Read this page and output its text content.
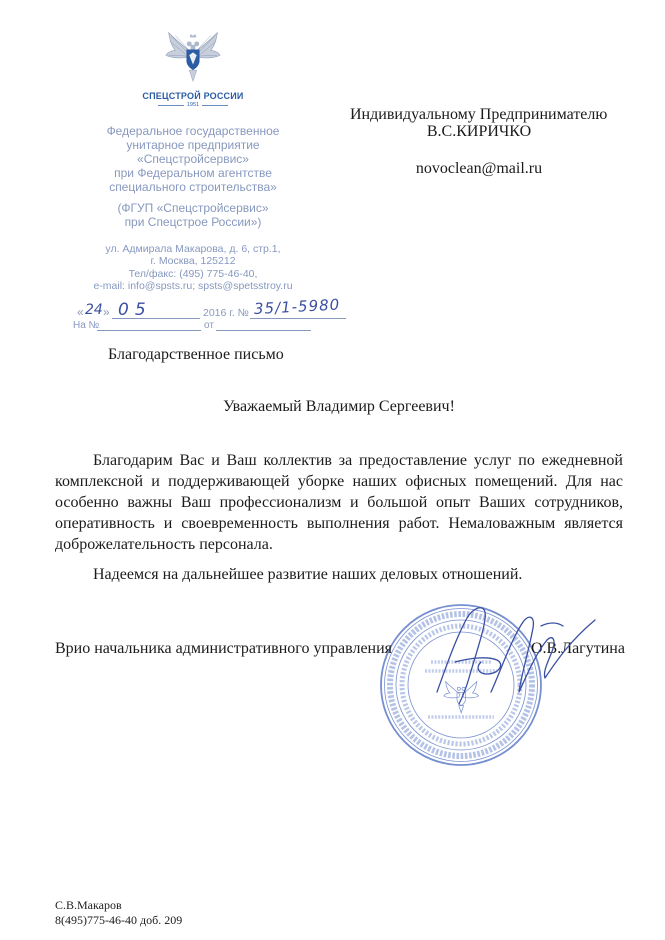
СПЕЦСТРОЙ РОССИИ
1951
Федеральное государственное
унитарное предприятие
«Спецстройсервис»
при Федеральном агентстве
специального строительства»
(ФГУП «Спецстройсервис»
при Спецстрое России»)
ул. Адмирала Макарова, д. 6, стр.1,
г. Москва, 125212
Тел/факс: (495) 775-46-40,
e-mail: info@spsts.ru; spsts@spetsstroy.ru
« 24 » 05	2016 г. № 35/1-5980
На №	от
Индивидуальному Предпринимателю
В.С.КИРИЧКО
novoclean@mail.ru
Благодарственное письмо
Уважаемый Владимир Сергеевич!
Благодарим Вас и Ваш коллектив за предоставление услуг по ежедневной
комплексной и поддерживающей уборке наших офисных помещений. Для нас
особенно важны Ваш профессионализм и большой опыт Ваших сотрудников,
оперативность и своевременность выполнения работ. Немаловажным является
доброжелательность персонала.
Надеемся на дальнейшее развитие наших деловых отношений.
Врио начальника административного управления	О.В.Лагутина
С.В.Макаров
8(495)775-46-40 доб. 209
